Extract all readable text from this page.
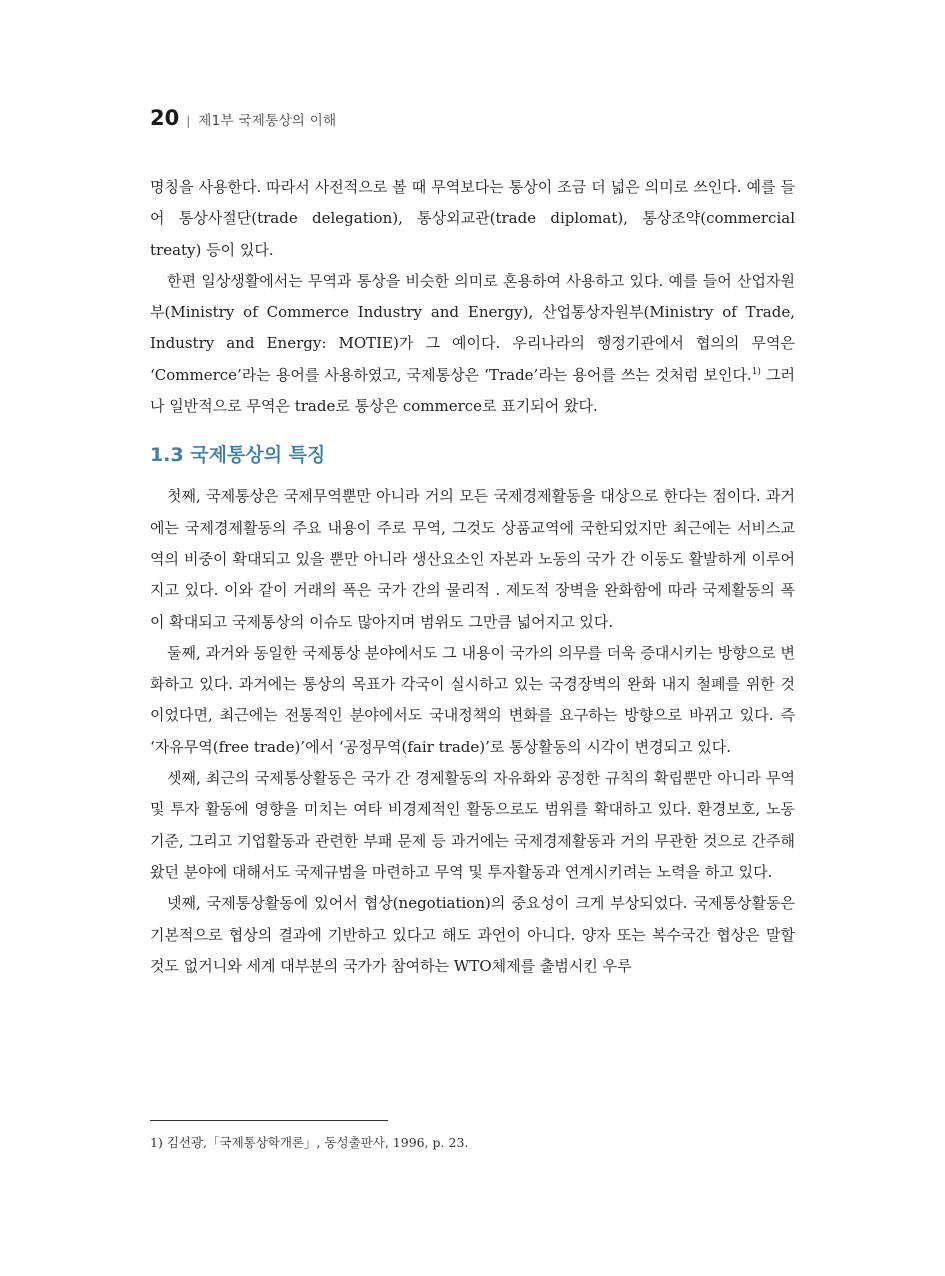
20 | 제1부 국제통상의 이해

명칭을 사용한다. 따라서 사전적으로 볼 때 무역보다는 통상이 조금 더 넓은 의미로 쓰인다. 예를 들어 통상사절단(trade delegation), 통상외교관(trade diplomat), 통상조약(commercial treaty) 등이 있다.

한편 일상생활에서는 무역과 통상을 비슷한 의미로 혼용하여 사용하고 있다. 예를 들어 산업자원부(Ministry of Commerce Industry and Energy), 산업통상자원부(Ministry of Trade, Industry and Energy: MOTIE)가 그 예이다. 우리나라의 행정기관에서 협의의 무역은 ‘Commerce’라는 용어를 사용하였고, 국제통상은 ‘Trade’라는 용어를 쓰는 것처럼 보인다.$^{1)}$ 그러나 일반적으로 무역은 trade로 통상은 commerce로 표기되어 왔다.

1.3 국제통상의 특징

첫째, 국제통상은 국제무역뿐만 아니라 거의 모든 국제경제활동을 대상으로 한다는 점이다. 과거에는 국제경제활동의 주요 내용이 주로 무역, 그것도 상품교역에 국한되었지만 최근에는 서비스교역의 비중이 확대되고 있을 뿐만 아니라 생산요소인 자본과 노동의 국가 간 이동도 활발하게 이루어지고 있다. 이와 같이 거래의 폭은 국가 간의 물리적 . 제도적 장벽을 완화함에 따라 국제활동의 폭이 확대되고 국제통상의 이슈도 많아지며 범위도 그만큼 넓어지고 있다.

둘째, 과거와 동일한 국제통상 분야에서도 그 내용이 국가의 의무를 더욱 증대시키는 방향으로 변화하고 있다. 과거에는 통상의 목표가 각국이 실시하고 있는 국경장벽의 완화 내지 철폐를 위한 것이었다면, 최근에는 전통적인 분야에서도 국내정책의 변화를 요구하는 방향으로 바뀌고 있다. 즉 ‘자유무역(free trade)’에서 ‘공정무역(fair trade)’로 통상활동의 시각이 변경되고 있다.

셋째, 최근의 국제통상활동은 국가 간 경제활동의 자유화와 공정한 규칙의 확립뿐만 아니라 무역 및 투자 활동에 영향을 미치는 여타 비경제적인 활동으로도 범위를 확대하고 있다. 환경보호, 노동기준, 그리고 기업활동과 관련한 부패 문제 등 과거에는 국제경제활동과 거의 무관한 것으로 간주해 왔던 분야에 대해서도 국제규범을 마련하고 무역 및 투자활동과 연계시키려는 노력을 하고 있다.

넷째, 국제통상활동에 있어서 협상(negotiation)의 중요성이 크게 부상되었다. 국제통상활동은 기본적으로 협상의 결과에 기반하고 있다고 해도 과언이 아니다. 양자 또는 복수국간 협상은 말할 것도 없거니와 세계 대부분의 국가가 참여하는 WTO체제를 출범시킨 우루

1) 김선광,「국제통상학개론」, 동성출판사, 1996, p. 23.
